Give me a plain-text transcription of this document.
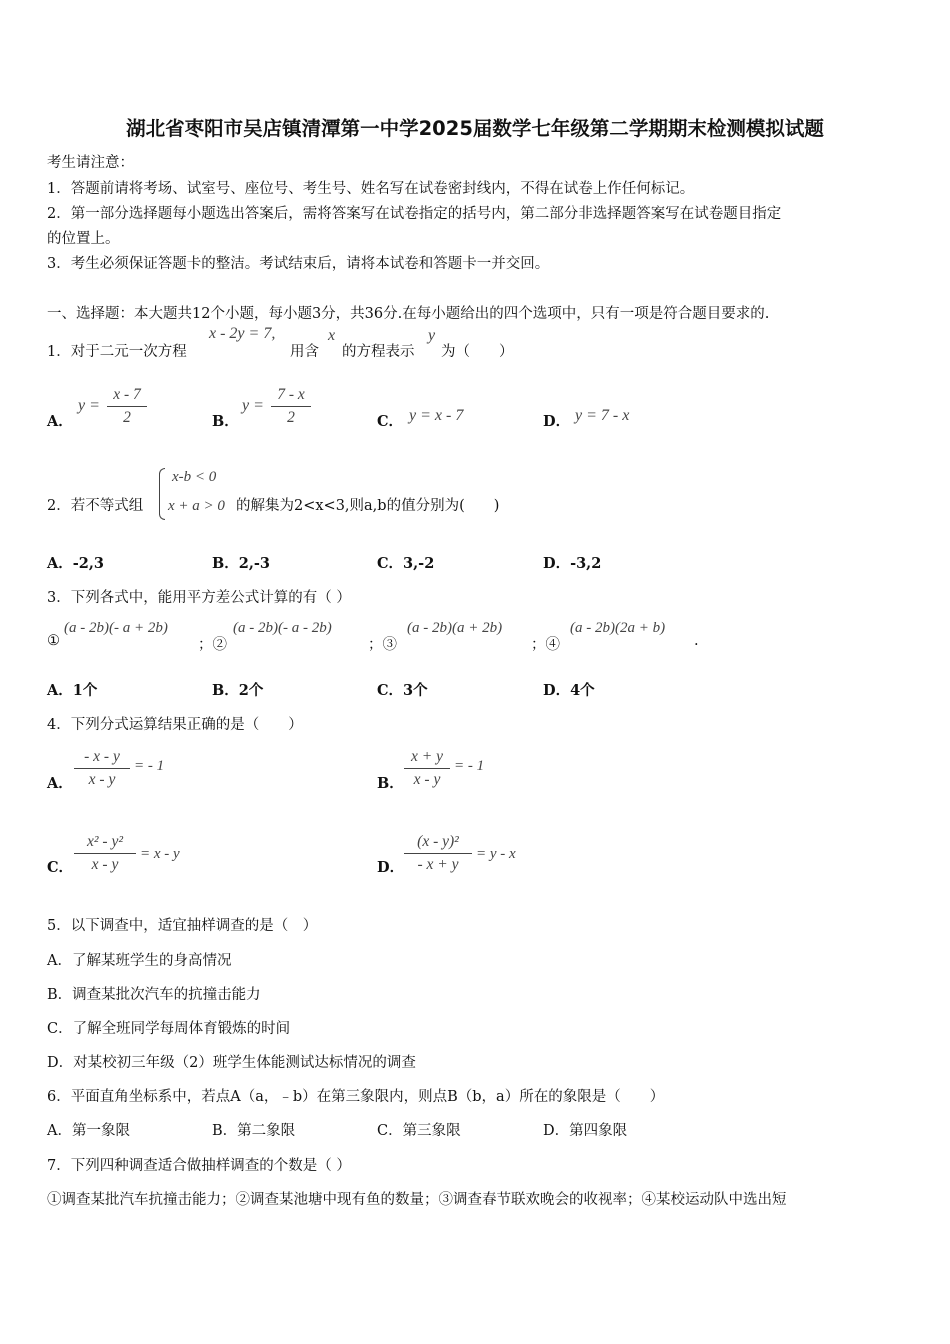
湖北省枣阳市吴店镇清潭第一中学2025届数学七年级第二学期期末检测模拟试题
考生请注意：
1．答题前请将考场、试室号、座位号、考生号、姓名写在试卷密封线内，不得在试卷上作任何标记。
2．第一部分选择题每小题选出答案后，需将答案写在试卷指定的括号内，第二部分非选择题答案写在试卷题目指定
的位置上。
3．考生必须保证答题卡的整洁。考试结束后，请将本试卷和答题卡一并交回。
一、选择题：本大题共12个小题，每小题3分，共36分.在每小题给出的四个选项中，只有一项是符合题目要求的.
1．对于二元一次方程
x - 2y = 7,
用含
x
的方程表示
y
为（　　）
A．
y =
x - 7
2	B．
y =
7 - x
2	C． y = x - 7	D． y = 7 - x
2．若不等式组
x-b < 0
x + a > 0 的解集为2<x<3,则a,b的值分别为(　　)
A．-2,3	B．2,-3	C．3,-2	D．-3,2
3．下列各式中，能用平方差公式计算的有（ ）
①
(a - 2b)(- a + 2b)
；②
(a - 2b)(- a - 2b)
；③
(a - 2b)(a + 2b)
；④
(a - 2b)(2a + b)
.
A．1个	B．2个	C．3个	D．4个
4．下列分式运算结果正确的是（　　）
A．
- x - y
x - y
= - 1
B．
x + y
x - y
= - 1
C．
x² - y²
x - y
= x - y
D．
(x - y)²
- x + y
= y - x
5．以下调查中，适宜抽样调查的是（　）
A．了解某班学生的身高情况
B．调查某批次汽车的抗撞击能力
C．了解全班同学每周体育锻炼的时间
D．对某校初三年级（2）班学生体能测试达标情况的调查
6．平面直角坐标系中，若点A（a，﹣b）在第三象限内，则点B（b，a）所在的象限是（　　）
A．第一象限	B．第二象限	C．第三象限	D．第四象限
7．下列四种调查适合做抽样调查的个数是（ ）
①调查某批汽车抗撞击能力；②调查某池塘中现有鱼的数量；③调查春节联欢晚会的收视率；④某校运动队中选出短
